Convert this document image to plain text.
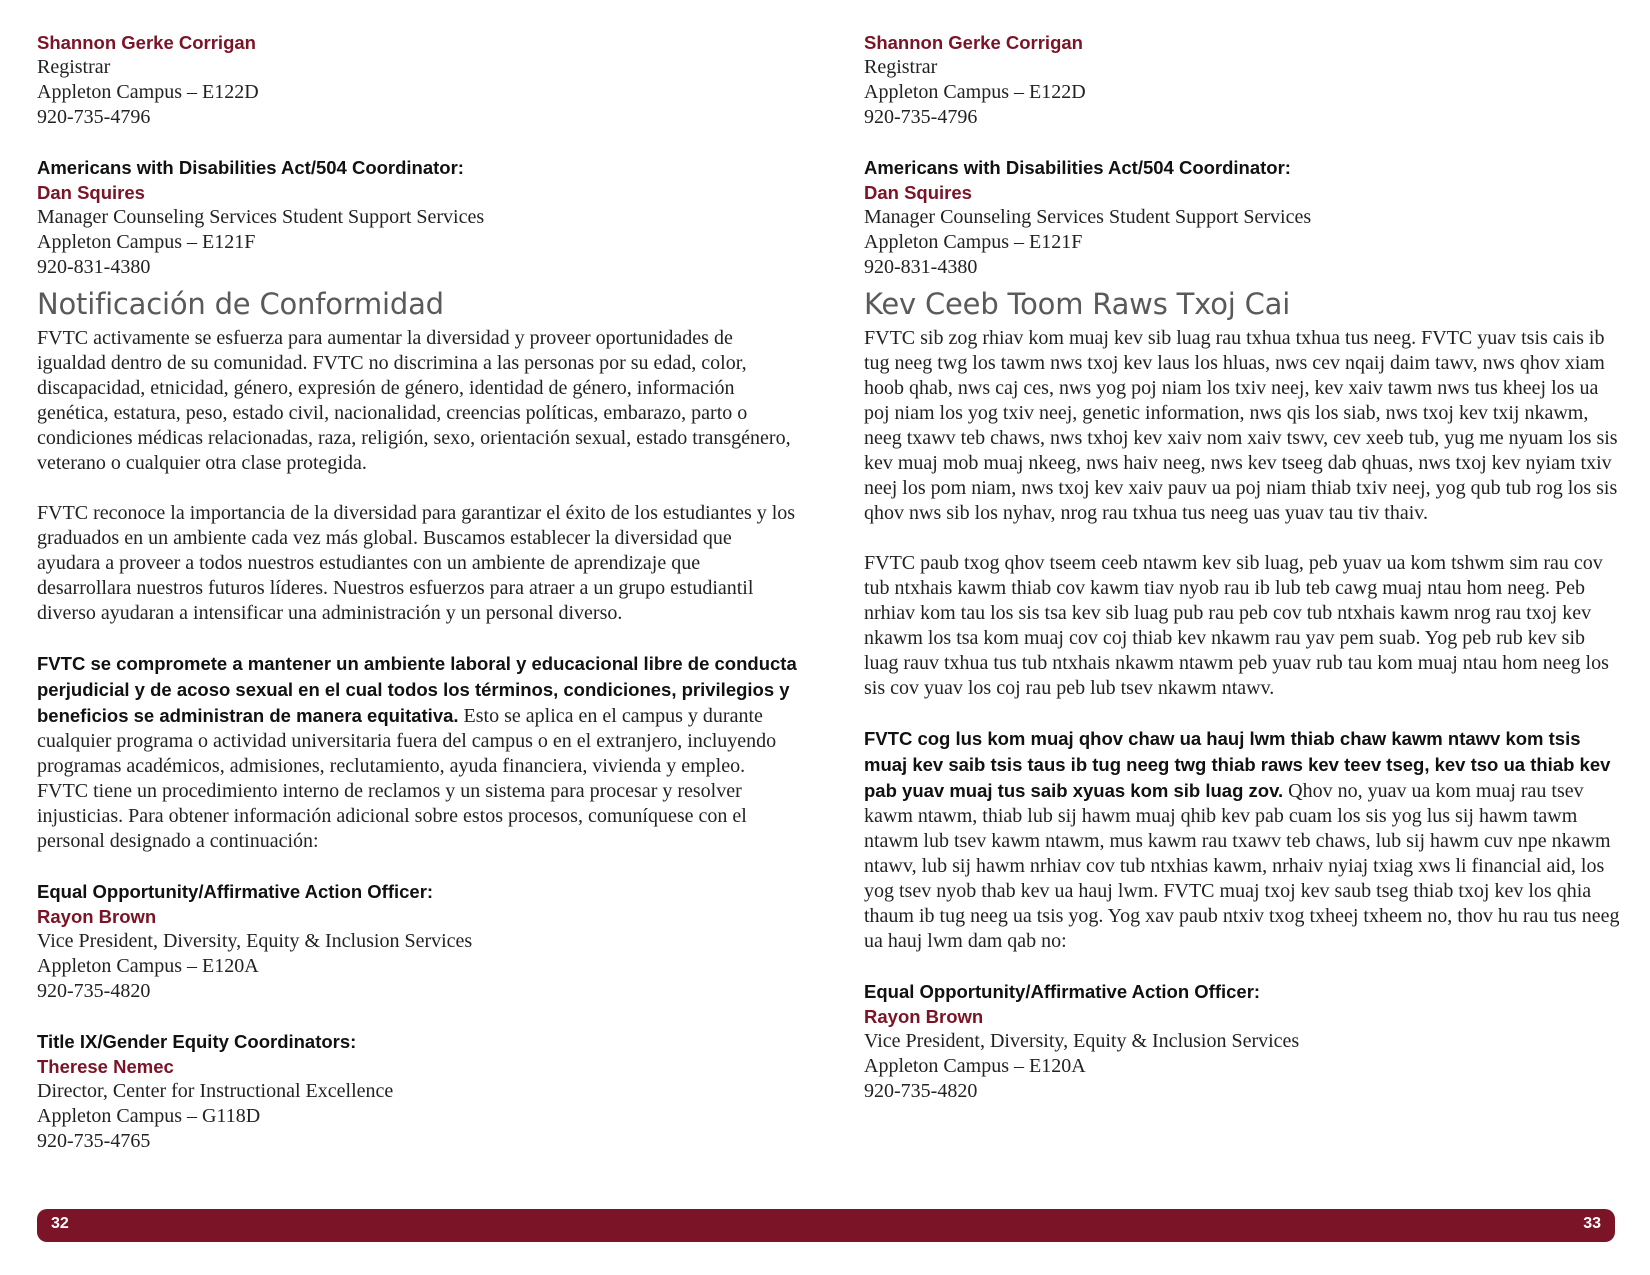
Shannon Gerke Corrigan
Registrar
Appleton Campus – E122D
920-735-4796
Americans with Disabilities Act/504 Coordinator:
Dan Squires
Manager Counseling Services Student Support Services
Appleton Campus – E121F
920-831-4380
Notificación de Conformidad

FVTC activamente se esfuerza para aumentar la diversidad y proveer oportunidades de igualdad dentro de su comunidad. FVTC no discrimina a las personas por su edad, color, discapacidad, etnicidad, género, expresión de género, identidad de género, información genética, estatura, peso, estado civil, nacionalidad, creencias políticas, embarazo, parto o condiciones médicas relacionadas, raza, religión, sexo, orientación sexual, estado transgénero, veterano o cualquier otra clase protegida.

FVTC reconoce la importancia de la diversidad para garantizar el éxito de los estudiantes y los graduados en un ambiente cada vez más global. Buscamos establecer la diversidad que ayudara a proveer a todos nuestros estudiantes con un ambiente de aprendizaje que desarrollara nuestros futuros líderes. Nuestros esfuerzos para atraer a un grupo estudiantil diverso ayudaran a intensificar una administración y un personal diverso.

FVTC se compromete a mantener un ambiente laboral y educacional libre de conducta perjudicial y de acoso sexual en el cual todos los términos, condiciones, privilegios y beneficios se administran de manera equitativa. Esto se aplica en el campus y durante cualquier programa o actividad universitaria fuera del campus o en el extranjero, incluyendo programas académicos, admisiones, reclutamiento, ayuda financiera, vivienda y empleo. FVTC tiene un procedimiento interno de reclamos y un sistema para procesar y resolver injusticias. Para obtener información adicional sobre estos procesos, comuníquese con el personal designado a continuación:

Equal Opportunity/Affirmative Action Officer:
Rayon Brown
Vice President, Diversity, Equity & Inclusion Services
Appleton Campus – E120A
920-735-4820
Title IX/Gender Equity Coordinators:
Therese Nemec
Director, Center for Instructional Excellence
Appleton Campus – G118D
920-735-4765
Shannon Gerke Corrigan
Registrar
Appleton Campus – E122D
920-735-4796
Americans with Disabilities Act/504 Coordinator:
Dan Squires
Manager Counseling Services Student Support Services
Appleton Campus – E121F
920-831-4380
Kev Ceeb Toom Raws Txoj Cai

FVTC sib zog rhiav kom muaj kev sib luag rau txhua txhua tus neeg. FVTC yuav tsis cais ib tug neeg twg los tawm nws txoj kev laus los hluas, nws cev nqaij daim tawv, nws qhov xiam hoob qhab, nws caj ces, nws yog poj niam los txiv neej, kev xaiv tawm nws tus kheej los ua poj niam los yog txiv neej, genetic information, nws qis los siab, nws txoj kev txij nkawm, neeg txawv teb chaws, nws txhoj kev xaiv nom xaiv tswv, cev xeeb tub, yug me nyuam los sis kev muaj mob muaj nkeeg, nws haiv neeg, nws kev tseeg dab qhuas, nws txoj kev nyiam txiv neej los pom niam, nws txoj kev xaiv pauv ua poj niam thiab txiv neej, yog qub tub rog los sis qhov nws sib los nyhav, nrog rau txhua tus neeg uas yuav tau tiv thaiv.

FVTC paub txog qhov tseem ceeb ntawm kev sib luag, peb yuav ua kom tshwm sim rau cov tub ntxhais kawm thiab cov kawm tiav nyob rau ib lub teb cawg muaj ntau hom neeg. Peb nrhiav kom tau los sis tsa kev sib luag pub rau peb cov tub ntxhais kawm nrog rau txoj kev nkawm los tsa kom muaj cov coj thiab kev nkawm rau yav pem suab. Yog peb rub kev sib luag rauv txhua tus tub ntxhais nkawm ntawm peb yuav rub tau kom muaj ntau hom neeg los sis cov yuav los coj rau peb lub tsev nkawm ntawv.

FVTC cog lus kom muaj qhov chaw ua hauj lwm thiab chaw kawm ntawv kom tsis muaj kev saib tsis taus ib tug neeg twg thiab raws kev teev tseg, kev tso ua thiab kev pab yuav muaj tus saib xyuas kom sib luag zov. Qhov no, yuav ua kom muaj rau tsev kawm ntawm, thiab lub sij hawm muaj qhib kev pab cuam los sis yog lus sij hawm tawm ntawm lub tsev kawm ntawm, mus kawm rau txawv teb chaws, lub sij hawm cuv npe nkawm ntawv, lub sij hawm nrhiav cov tub ntxhias kawm, nrhaiv nyiaj txiag xws li financial aid, los yog tsev nyob thab kev ua hauj lwm. FVTC muaj txoj kev saub tseg thiab txoj kev los qhia thaum ib tug neeg ua tsis yog. Yog xav paub ntxiv txog txheej txheem no, thov hu rau tus neeg ua hauj lwm dam qab no:

Equal Opportunity/Affirmative Action Officer:
Rayon Brown
Vice President, Diversity, Equity & Inclusion Services
Appleton Campus – E120A
920-735-4820
32	33
